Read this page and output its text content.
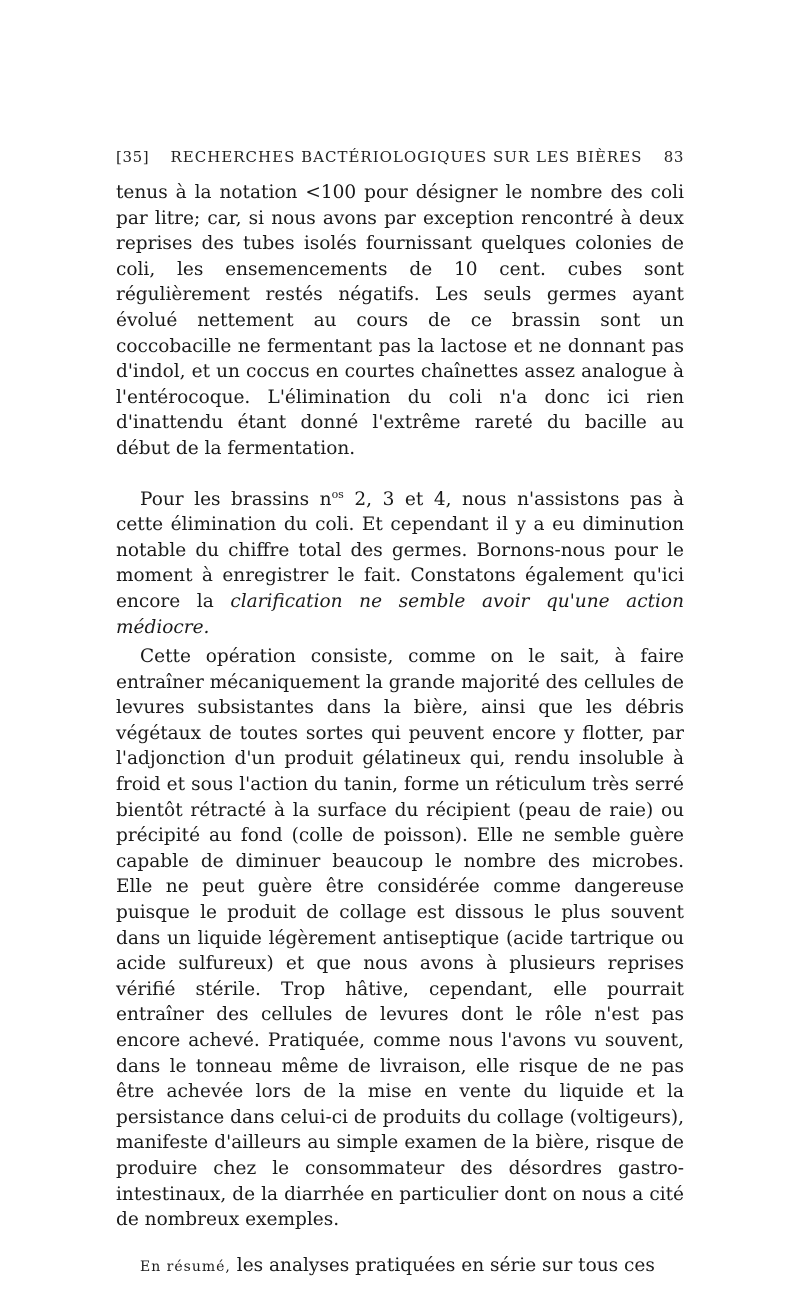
[35]	RECHERCHES BACTÉRIOLOGIQUES SUR LES BIÈRES	83

tenus à la notation <100 pour désigner le nombre des coli par litre; car, si nous avons par exception rencontré à deux reprises des tubes isolés fournissant quelques colonies de coli, les ensemencements de 10 cent. cubes sont régulièrement restés négatifs. Les seuls germes ayant évolué nettement au cours de ce brassin sont un coccobacille ne fermentant pas la lactose et ne donnant pas d'indol, et un coccus en courtes chaînettes assez analogue à l'entérocoque. L'élimination du coli n'a donc ici rien d'inattendu étant donné l'extrême rareté du bacille au début de la fermentation.

Pour les brassins $n^{os}$ 2, 3 et 4, nous n'assistons pas à cette élimination du coli. Et cependant il y a eu diminution notable du chiffre total des germes. Bornons-nous pour le moment à enregistrer le fait. Constatons également qu'ici encore la clarification ne semble avoir qu'une action médiocre.

Cette opération consiste, comme on le sait, à faire entraîner mécaniquement la grande majorité des cellules de levures subsistantes dans la bière, ainsi que les débris végétaux de toutes sortes qui peuvent encore y flotter, par l'adjonction d'un produit gélatineux qui, rendu insoluble à froid et sous l'action du tanin, forme un réticulum très serré bientôt rétracté à la surface du récipient (peau de raie) ou précipité au fond (colle de poisson). Elle ne semble guère capable de diminuer beaucoup le nombre des microbes. Elle ne peut guère être considérée comme dangereuse puisque le produit de collage est dissous le plus souvent dans un liquide légèrement antiseptique (acide tartrique ou acide sulfureux) et que nous avons à plusieurs reprises vérifié stérile. Trop hâtive, cependant, elle pourrait entraîner des cellules de levures dont le rôle n'est pas encore achevé. Pratiquée, comme nous l'avons vu souvent, dans le tonneau même de livraison, elle risque de ne pas être achevée lors de la mise en vente du liquide et la persistance dans celui-ci de produits du collage (voltigeurs), manifeste d'ailleurs au simple examen de la bière, risque de produire chez le consommateur des désordres gastro-intestinaux, de la diarrhée en particulier dont on nous a cité de nombreux exemples.

En résumé, les analyses pratiquées en série sur tous ces
